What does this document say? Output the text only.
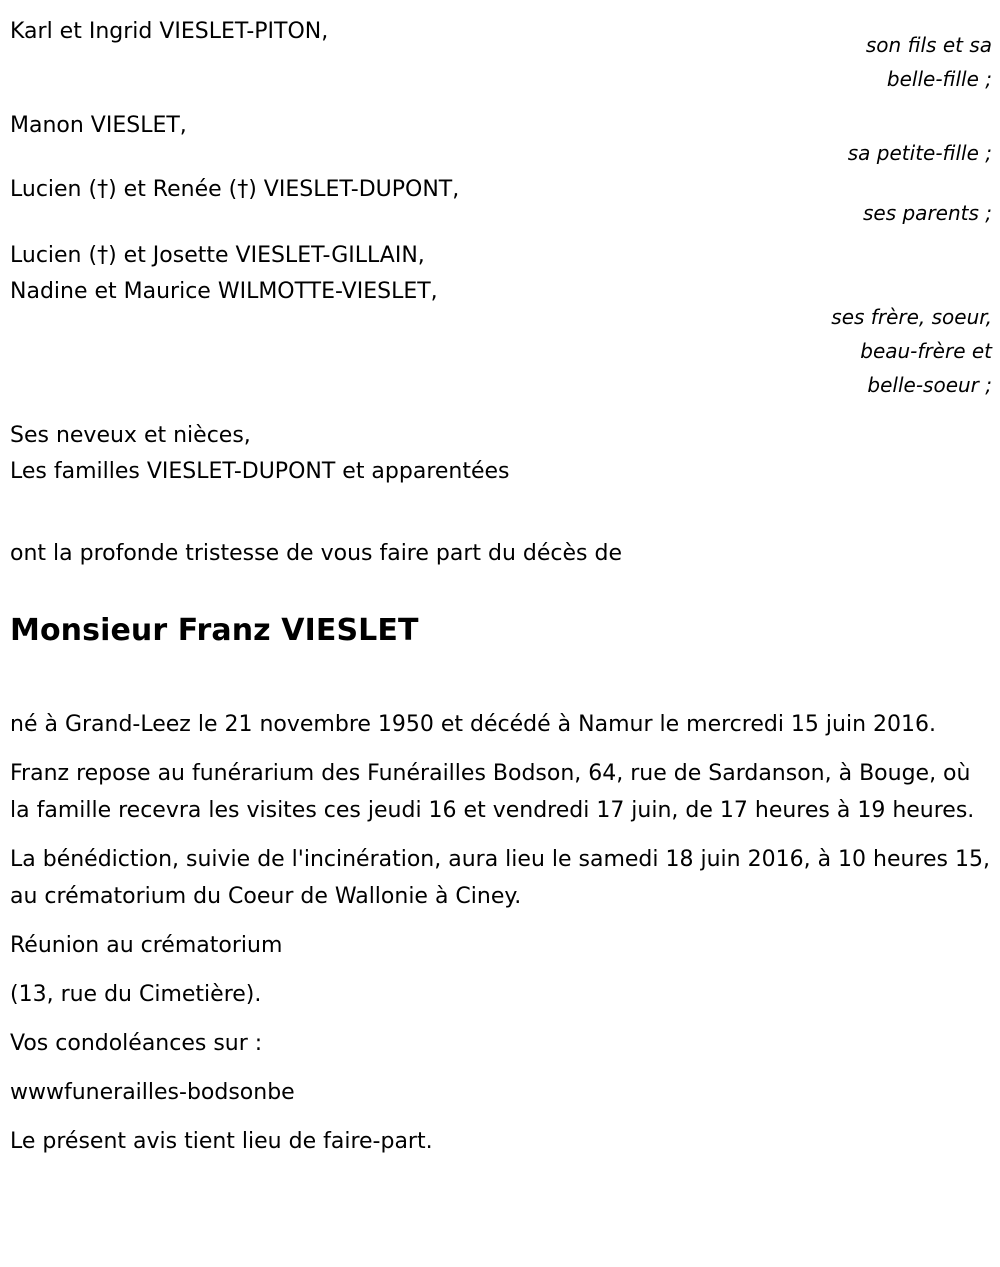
Karl et Ingrid VIESLET-PITON,
Manon VIESLET,
Lucien (†) et Renée (†) VIESLET-DUPONT,
Lucien (†) et Josette VIESLET-GILLAIN,
Nadine et Maurice WILMOTTE-VIESLET,
Ses neveux et nièces,
Les familles VIESLET-DUPONT et apparentées
son fils et sa
belle-fille ;
sa petite-fille ;
ses parents ;
ses frère, soeur,
beau-frère et
belle-soeur ;
ont la profonde tristesse de vous faire part du décès de
Monsieur Franz VIESLET

né à Grand-Leez le 21 novembre 1950 et décédé à Namur le mercredi 15 juin 2016.

Franz repose au funérarium des Funérailles Bodson, 64, rue de Sardanson, à Bouge, où la famille recevra les visites ces jeudi 16 et vendredi 17 juin, de 17 heures à 19 heures.

La bénédiction, suivie de l'incinération, aura lieu le samedi 18 juin 2016, à 10 heures 15, au crématorium du Coeur de Wallonie à Ciney.

Réunion au crématorium

(13, rue du Cimetière).

Vos condoléances sur :

wwwfunerailles-bodsonbe

Le présent avis tient lieu de faire-part.
